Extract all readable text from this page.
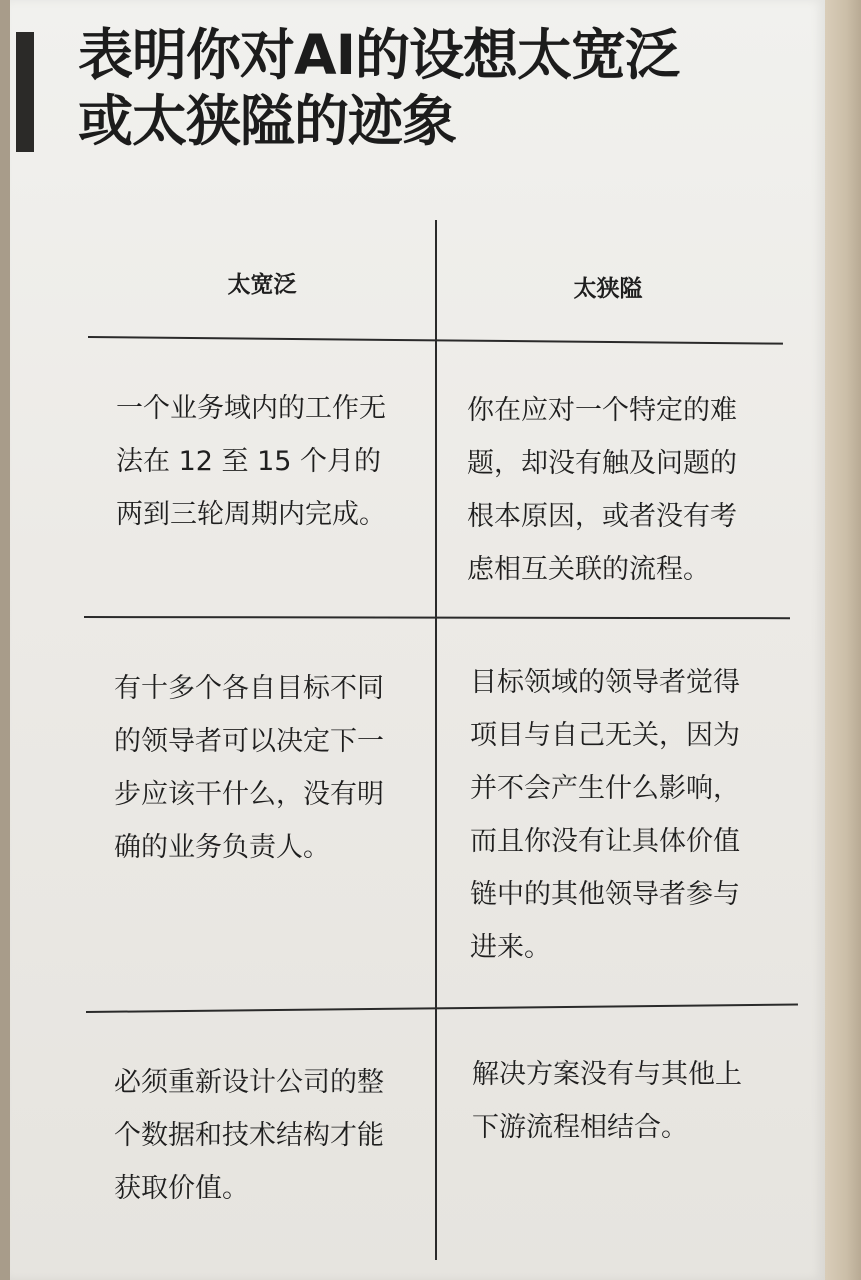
表明你对AI的设想太宽泛
或太狭隘的迹象
太宽泛	太狭隘
一个业务域内的工作无
法在 12 至 15 个月的
两到三轮周期内完成。
你在应对一个特定的难
题，却没有触及问题的
根本原因，或者没有考
虑相互关联的流程。
有十多个各自目标不同
的领导者可以决定下一
步应该干什么，没有明
确的业务负责人。
目标领域的领导者觉得
项目与自己无关，因为
并不会产生什么影响，
而且你没有让具体价值
链中的其他领导者参与
进来。
必须重新设计公司的整
个数据和技术结构才能
获取价值。
解决方案没有与其他上
下游流程相结合。
